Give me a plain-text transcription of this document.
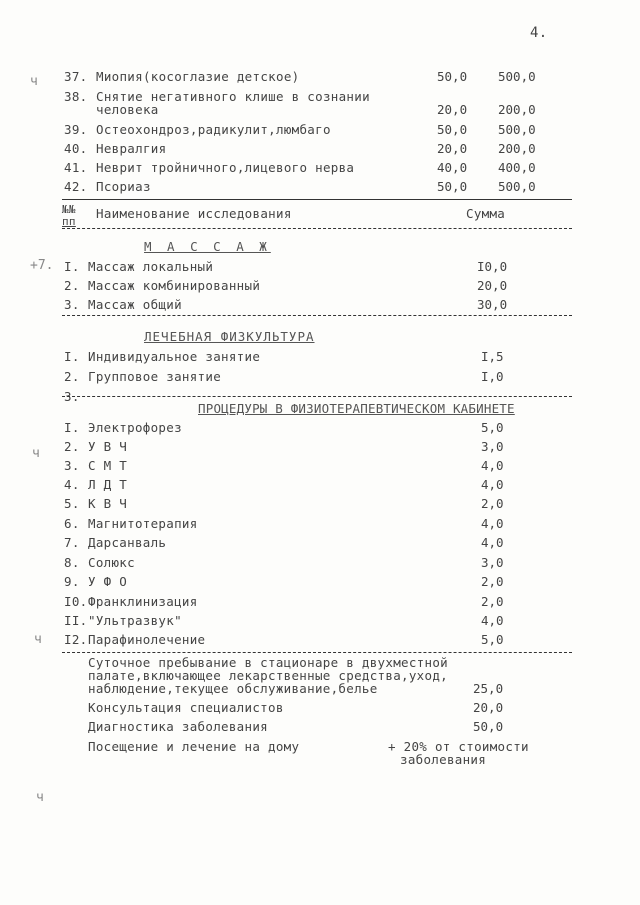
4.
ч
+7.
ч
ч
ч
37. Миопия(косоглазие детское)	50,0 500,0
38. Снятие негативного клише в сознании
человека	20,0 200,0
39. Остеохондроз,радикулит,люмбаго	50,0 500,0
40. Невралгия	20,0 200,0
41. Неврит тройничного,лицевого нерва	40,0 400,0
42. Псориаз	50,0 500,0
№№
пп
Наименование исследования	Сумма
М А С С А Ж
I. Массаж локальный	I0,0
2. Массаж комбинированный	20,0
3. Массаж общий	30,0
ЛЕЧЕБНАЯ ФИЗКУЛЬТУРА
I. Индивидуальное занятие	I,5
2. Групповое занятие	I,0
3.
ПРОЦЕДУРЫ В ФИЗИОТЕРАПЕВТИЧЕСКОМ КАБИНЕТЕ
I. Электрофорез	5,0
2. У В Ч	3,0
3. С М Т	4,0
4. Л Д Т	4,0
5. К В Ч	2,0
6. Магнитотерапия	4,0
7. Дарсанваль	4,0
8. Солюкс	3,0
9. У Ф О	2,0
I0. Франклинизация	2,0
II. "Ультразвук"	4,0
I2. Парафинолечение	5,0
Суточное пребывание в стационаре в двухместной
палате,включающее лекарственные средства,уход,
наблюдение,текущее обслуживание,белье	25,0
Консультация специалистов	20,0
Диагностика заболевания	50,0
Посещение и лечение на дому	+ 20% от стоимости
заболевания
